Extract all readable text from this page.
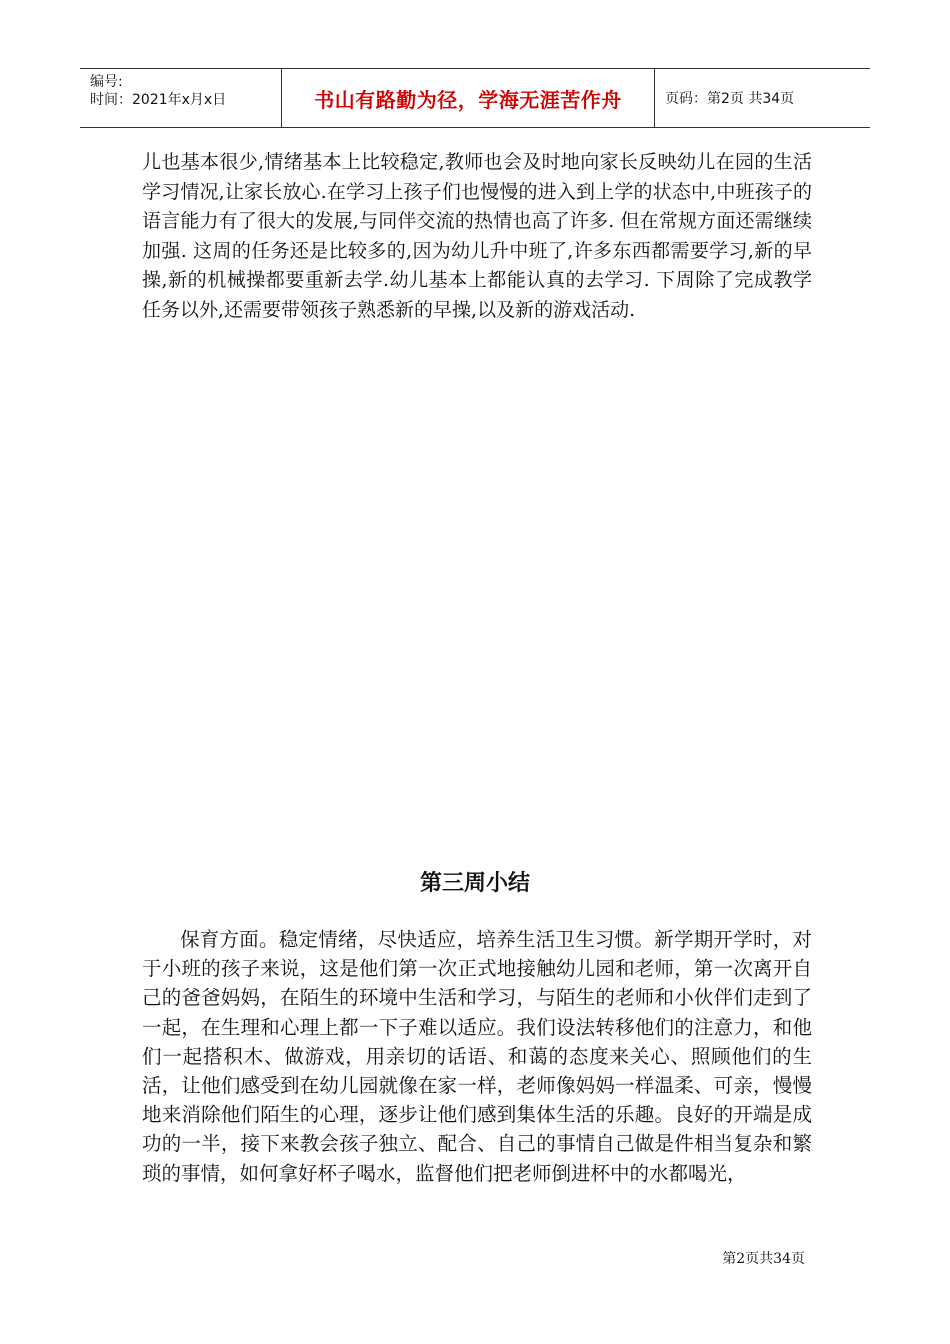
编号:
时间：2021年x月x日	书山有路勤为径，学海无涯苦作舟	页码：第2页 共34页

儿也基本很少,情绪基本上比较稳定,教师也会及时地向家长反映幼儿在园的生活学习情况,让家长放心.在学习上孩子们也慢慢的进入到上学的状态中,中班孩子的语言能力有了很大的发展,与同伴交流的热情也高了许多. 但在常规方面还需继续加强. 这周的任务还是比较多的,因为幼儿升中班了,许多东西都需要学习,新的早操,新的机械操都要重新去学.幼儿基本上都能认真的去学习. 下周除了完成教学任务以外,还需要带领孩子熟悉新的早操,以及新的游戏活动.

第三周小结

保育方面。稳定情绪，尽快适应，培养生活卫生习惯。新学期开学时，对于小班的孩子来说，这是他们第一次正式地接触幼儿园和老师，第一次离开自己的爸爸妈妈，在陌生的环境中生活和学习，与陌生的老师和小伙伴们走到了一起，在生理和心理上都一下子难以适应。我们设法转移他们的注意力，和他们一起搭积木、做游戏，用亲切的话语、和蔼的态度来关心、照顾他们的生活，让他们感受到在幼儿园就像在家一样，老师像妈妈一样温柔、可亲，慢慢地来消除他们陌生的心理，逐步让他们感到集体生活的乐趣。良好的开端是成功的一半，接下来教会孩子独立、配合、自己的事情自己做是件相当复杂和繁琐的事情，如何拿好杯子喝水，监督他们把老师倒进杯中的水都喝光，

第2页共34页
